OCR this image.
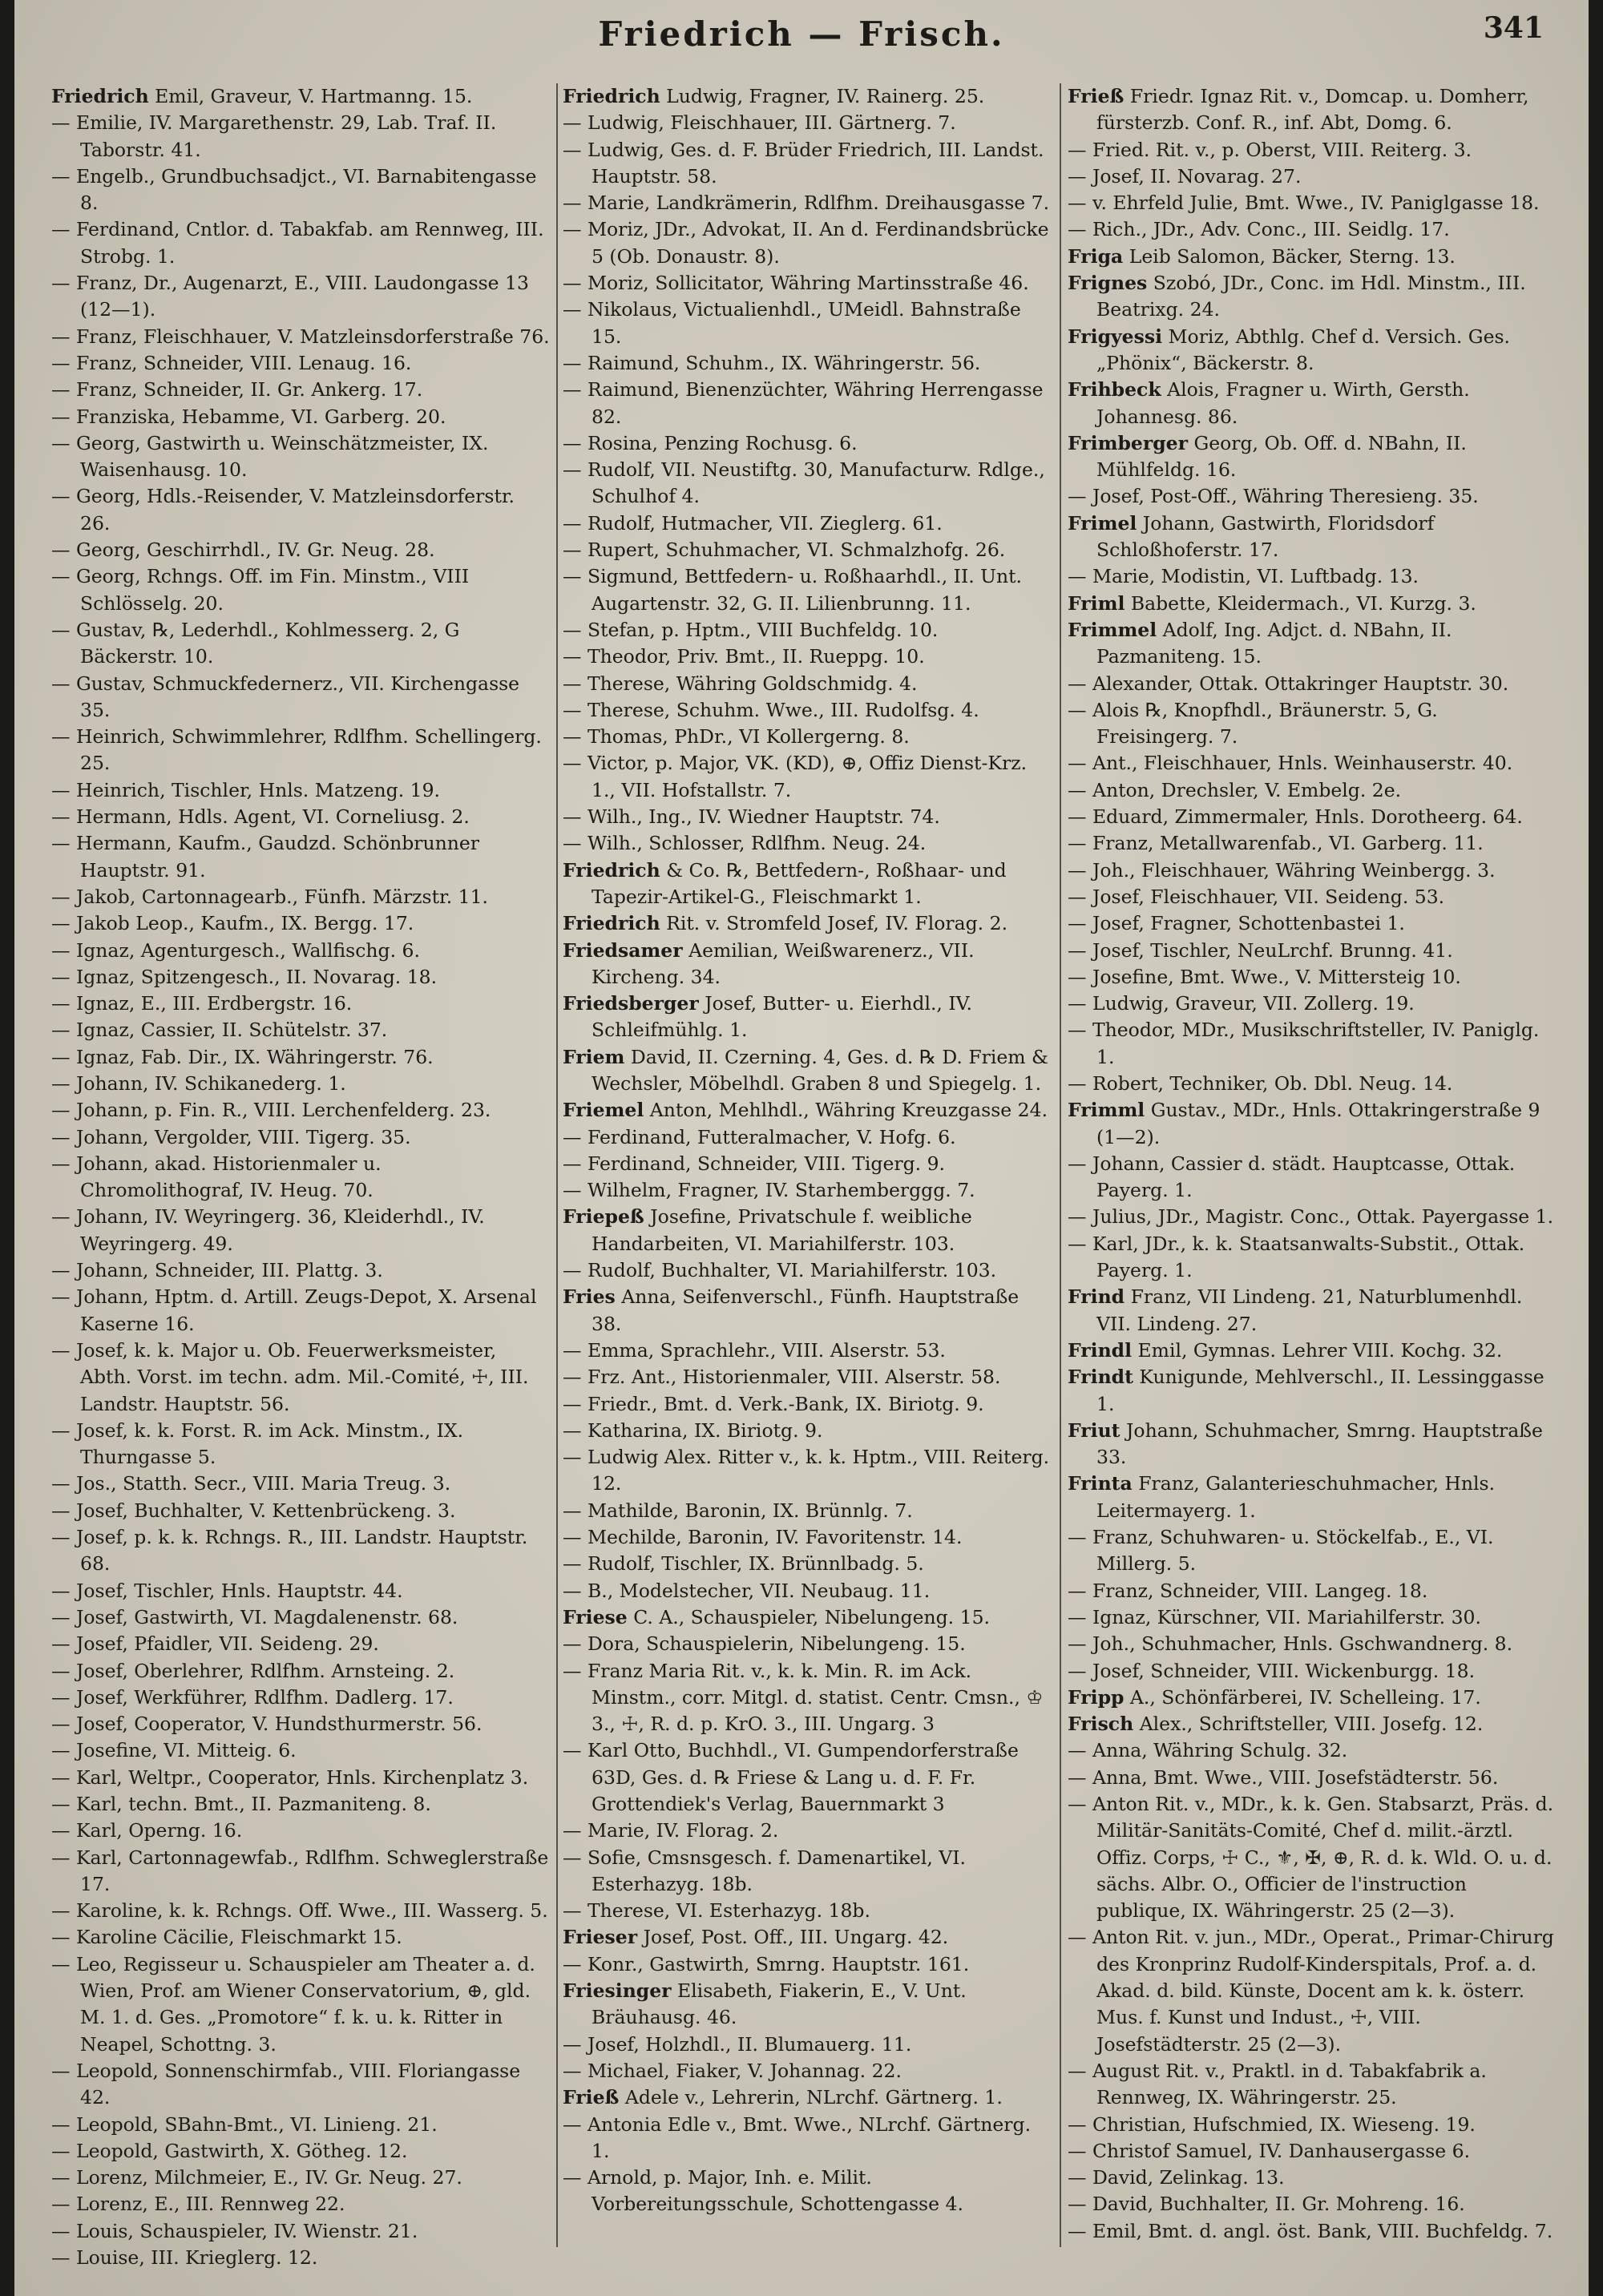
Friedrich — Frisch.	341

Friedrich Emil, Graveur, V. Hartmanng. 15.

— Emilie, IV. Margarethenstr. 29, Lab. Traf. II. Taborstr. 41.

— Engelb., Grundbuchsadjct., VI. Barnabitengasse 8.

— Ferdinand, Cntlor. d. Tabakfab. am Rennweg, III. Strobg. 1.

— Franz, Dr., Augenarzt, E., VIII. Laudongasse 13 (12—1).

— Franz, Fleischhauer, V. Matzleinsdorferstraße 76.

— Franz, Schneider, VIII. Lenaug. 16.

— Franz, Schneider, II. Gr. Ankerg. 17.

— Franziska, Hebamme, VI. Garberg. 20.

— Georg, Gastwirth u. Weinschätzmeister, IX. Waisenhausg. 10.

— Georg, Hdls.-Reisender, V. Matzleinsdorferstr. 26.

— Georg, Geschirrhdl., IV. Gr. Neug. 28.

— Georg, Rchngs. Off. im Fin. Minstm., VIII Schlösselg. 20.

— Gustav, ℞, Lederhdl., Kohlmesserg. 2, G Bäckerstr. 10.

— Gustav, Schmuckfedernerz., VII. Kirchengasse 35.

— Heinrich, Schwimmlehrer, Rdlfhm. Schellingerg. 25.

— Heinrich, Tischler, Hnls. Matzeng. 19.

— Hermann, Hdls. Agent, VI. Corneliusg. 2.

— Hermann, Kaufm., Gaudzd. Schönbrunner Hauptstr. 91.

— Jakob, Cartonnagearb., Fünfh. Märzstr. 11.

— Jakob Leop., Kaufm., IX. Bergg. 17.

— Ignaz, Agenturgesch., Wallfischg. 6.

— Ignaz, Spitzengesch., II. Novarag. 18.

— Ignaz, E., III. Erdbergstr. 16.

— Ignaz, Cassier, II. Schütelstr. 37.

— Ignaz, Fab. Dir., IX. Währingerstr. 76.

— Johann, IV. Schikanederg. 1.

— Johann, p. Fin. R., VIII. Lerchenfelderg. 23.

— Johann, Vergolder, VIII. Tigerg. 35.

— Johann, akad. Historienmaler u. Chromolithograf, IV. Heug. 70.

— Johann, IV. Weyringerg. 36, Kleiderhdl., IV. Weyringerg. 49.

— Johann, Schneider, III. Plattg. 3.

— Johann, Hptm. d. Artill. Zeugs-Depot, X. Arsenal Kaserne 16.

— Josef, k. k. Major u. Ob. Feuerwerksmeister, Abth. Vorst. im techn. adm. Mil.-Comité, ☩, III. Landstr. Hauptstr. 56.

— Josef, k. k. Forst. R. im Ack. Minstm., IX. Thurngasse 5.

— Jos., Statth. Secr., VIII. Maria Treug. 3.

— Josef, Buchhalter, V. Kettenbrückeng. 3.

— Josef, p. k. k. Rchngs. R., III. Landstr. Hauptstr. 68.

— Josef, Tischler, Hnls. Hauptstr. 44.

— Josef, Gastwirth, VI. Magdalenenstr. 68.

— Josef, Pfaidler, VII. Seideng. 29.

— Josef, Oberlehrer, Rdlfhm. Arnsteing. 2.

— Josef, Werkführer, Rdlfhm. Dadlerg. 17.

— Josef, Cooperator, V. Hundsthurmerstr. 56.

— Josefine, VI. Mitteig. 6.

— Karl, Weltpr., Cooperator, Hnls. Kirchenplatz 3.

— Karl, techn. Bmt., II. Pazmaniteng. 8.

— Karl, Operng. 16.

— Karl, Cartonnagewfab., Rdlfhm. Schweglerstraße 17.

— Karoline, k. k. Rchngs. Off. Wwe., III. Wasserg. 5.

— Karoline Cäcilie, Fleischmarkt 15.

— Leo, Regisseur u. Schauspieler am Theater a. d. Wien, Prof. am Wiener Conservatorium, ⊕, gld. M. 1. d. Ges. „Promotore“ f. k. u. k. Ritter in Neapel, Schottng. 3.

— Leopold, Sonnenschirmfab., VIII. Floriangasse 42.

— Leopold, SBahn-Bmt., VI. Linieng. 21.

— Leopold, Gastwirth, X. Götheg. 12.

— Lorenz, Milchmeier, E., IV. Gr. Neug. 27.

— Lorenz, E., III. Rennweg 22.

— Louis, Schauspieler, IV. Wienstr. 21.

— Louise, III. Krieglerg. 12.

Friedrich Ludwig, Fragner, IV. Rainerg. 25.

— Ludwig, Fleischhauer, III. Gärtnerg. 7.

— Ludwig, Ges. d. F. Brüder Friedrich, III. Landst. Hauptstr. 58.

— Marie, Landkrämerin, Rdlfhm. Dreihausgasse 7.

— Moriz, JDr., Advokat, II. An d. Ferdinandsbrücke 5 (Ob. Donaustr. 8).

— Moriz, Sollicitator, Währing Martinsstraße 46.

— Nikolaus, Victualienhdl., UMeidl. Bahnstraße 15.

— Raimund, Schuhm., IX. Währingerstr. 56.

— Raimund, Bienenzüchter, Währing Herrengasse 82.

— Rosina, Penzing Rochusg. 6.

— Rudolf, VII. Neustiftg. 30, Manufacturw. Rdlge., Schulhof 4.

— Rudolf, Hutmacher, VII. Zieglerg. 61.

— Rupert, Schuhmacher, VI. Schmalzhofg. 26.

— Sigmund, Bettfedern- u. Roßhaarhdl., II. Unt. Augartenstr. 32, G. II. Lilienbrunng. 11.

— Stefan, p. Hptm., VIII Buchfeldg. 10.

— Theodor, Priv. Bmt., II. Rueppg. 10.

— Therese, Währing Goldschmidg. 4.

— Therese, Schuhm. Wwe., III. Rudolfsg. 4.

— Thomas, PhDr., VI Kollergerng. 8.

— Victor, p. Major, VK. (KD), ⊕, Offiz Dienst-Krz. 1., VII. Hofstallstr. 7.

— Wilh., Ing., IV. Wiedner Hauptstr. 74.

— Wilh., Schlosser, Rdlfhm. Neug. 24.

Friedrich & Co. ℞, Bettfedern-, Roßhaar- und Tapezir-Artikel-G., Fleischmarkt 1.

Friedrich Rit. v. Stromfeld Josef, IV. Florag. 2.

Friedsamer Aemilian, Weißwarenerz., VII. Kircheng. 34.

Friedsberger Josef, Butter- u. Eierhdl., IV. Schleifmühlg. 1.

Friem David, II. Czerning. 4, Ges. d. ℞ D. Friem & Wechsler, Möbelhdl. Graben 8 und Spiegelg. 1.

Friemel Anton, Mehlhdl., Währing Kreuzgasse 24.

— Ferdinand, Futteralmacher, V. Hofg. 6.

— Ferdinand, Schneider, VIII. Tigerg. 9.

— Wilhelm, Fragner, IV. Starhemberggg. 7.

Friepeß Josefine, Privatschule f. weibliche Handarbeiten, VI. Mariahilferstr. 103.

— Rudolf, Buchhalter, VI. Mariahilferstr. 103.

Fries Anna, Seifenverschl., Fünfh. Hauptstraße 38.

— Emma, Sprachlehr., VIII. Alserstr. 53.

— Frz. Ant., Historienmaler, VIII. Alserstr. 58.

— Friedr., Bmt. d. Verk.-Bank, IX. Biriotg. 9.

— Katharina, IX. Biriotg. 9.

— Ludwig Alex. Ritter v., k. k. Hptm., VIII. Reiterg. 12.

— Mathilde, Baronin, IX. Brünnlg. 7.

— Mechilde, Baronin, IV. Favoritenstr. 14.

— Rudolf, Tischler, IX. Brünnlbadg. 5.

— B., Modelstecher, VII. Neubaug. 11.

Friese C. A., Schauspieler, Nibelungeng. 15.

— Dora, Schauspielerin, Nibelungeng. 15.

— Franz Maria Rit. v., k. k. Min. R. im Ack. Minstm., corr. Mitgl. d. statist. Centr. Cmsn., ♔ 3., ☩, R. d. p. KrO. 3., III. Ungarg. 3

— Karl Otto, Buchhdl., VI. Gumpendorferstraße 63D, Ges. d. ℞ Friese & Lang u. d. F. Fr. Grottendiek's Verlag, Bauernmarkt 3

— Marie, IV. Florag. 2.

— Sofie, Cmsnsgesch. f. Damenartikel, VI. Esterhazyg. 18b.

— Therese, VI. Esterhazyg. 18b.

Frieser Josef, Post. Off., III. Ungarg. 42.

— Konr., Gastwirth, Smrng. Hauptstr. 161.

Friesinger Elisabeth, Fiakerin, E., V. Unt. Bräuhausg. 46.

— Josef, Holzhdl., II. Blumauerg. 11.

— Michael, Fiaker, V. Johannag. 22.

Frieß Adele v., Lehrerin, NLrchf. Gärtnerg. 1.

— Antonia Edle v., Bmt. Wwe., NLrchf. Gärtnerg. 1.

— Arnold, p. Major, Inh. e. Milit. Vorbereitungsschule, Schottengasse 4.

Frieß Friedr. Ignaz Rit. v., Domcap. u. Domherr, fürsterzb. Conf. R., inf. Abt, Domg. 6.

— Fried. Rit. v., p. Oberst, VIII. Reiterg. 3.

— Josef, II. Novarag. 27.

— v. Ehrfeld Julie, Bmt. Wwe., IV. Paniglgasse 18.

— Rich., JDr., Adv. Conc., III. Seidlg. 17.

Friga Leib Salomon, Bäcker, Sterng. 13.

Frignes Szobó, JDr., Conc. im Hdl. Minstm., III. Beatrixg. 24.

Frigyessi Moriz, Abthlg. Chef d. Versich. Ges. „Phönix“, Bäckerstr. 8.

Frihbeck Alois, Fragner u. Wirth, Gersth. Johannesg. 86.

Frimberger Georg, Ob. Off. d. NBahn, II. Mühlfeldg. 16.

— Josef, Post-Off., Währing Theresieng. 35.

Frimel Johann, Gastwirth, Floridsdorf Schloßhoferstr. 17.

— Marie, Modistin, VI. Luftbadg. 13.

Friml Babette, Kleidermach., VI. Kurzg. 3.

Frimmel Adolf, Ing. Adjct. d. NBahn, II. Pazmaniteng. 15.

— Alexander, Ottak. Ottakringer Hauptstr. 30.

— Alois ℞, Knopfhdl., Bräunerstr. 5, G. Freisingerg. 7.

— Ant., Fleischhauer, Hnls. Weinhauserstr. 40.

— Anton, Drechsler, V. Embelg. 2e.

— Eduard, Zimmermaler, Hnls. Dorotheerg. 64.

— Franz, Metallwarenfab., VI. Garberg. 11.

— Joh., Fleischhauer, Währing Weinbergg. 3.

— Josef, Fleischhauer, VII. Seideng. 53.

— Josef, Fragner, Schottenbastei 1.

— Josef, Tischler, NeuLrchf. Brunng. 41.

— Josefine, Bmt. Wwe., V. Mittersteig 10.

— Ludwig, Graveur, VII. Zollerg. 19.

— Theodor, MDr., Musikschriftsteller, IV. Paniglg. 1.

— Robert, Techniker, Ob. Dbl. Neug. 14.

Frimml Gustav., MDr., Hnls. Ottakringerstraße 9 (1—2).

— Johann, Cassier d. städt. Hauptcasse, Ottak. Payerg. 1.

— Julius, JDr., Magistr. Conc., Ottak. Payergasse 1.

— Karl, JDr., k. k. Staatsanwalts-Substit., Ottak. Payerg. 1.

Frind Franz, VII Lindeng. 21, Naturblumenhdl. VII. Lindeng. 27.

Frindl Emil, Gymnas. Lehrer VIII. Kochg. 32.

Frindt Kunigunde, Mehlverschl., II. Lessinggasse 1.

Friut Johann, Schuhmacher, Smrng. Hauptstraße 33.

Frinta Franz, Galanterieschuhmacher, Hnls. Leitermayerg. 1.

— Franz, Schuhwaren- u. Stöckelfab., E., VI. Millerg. 5.

— Franz, Schneider, VIII. Langeg. 18.

— Ignaz, Kürschner, VII. Mariahilferstr. 30.

— Joh., Schuhmacher, Hnls. Gschwandnerg. 8.

— Josef, Schneider, VIII. Wickenburgg. 18.

Fripp A., Schönfärberei, IV. Schelleing. 17.

Frisch Alex., Schriftsteller, VIII. Josefg. 12.

— Anna, Währing Schulg. 32.

— Anna, Bmt. Wwe., VIII. Josefstädterstr. 56.

— Anton Rit. v., MDr., k. k. Gen. Stabsarzt, Präs. d. Militär-Sanitäts-Comité, Chef d. milit.-ärztl. Offiz. Corps, ☩ C., ⚜, ✠, ⊕, R. d. k. Wld. O. u. d. sächs. Albr. O., Officier de l'instruction publique, IX. Währingerstr. 25 (2—3).

— Anton Rit. v. jun., MDr., Operat., Primar-Chirurg des Kronprinz Rudolf-Kinderspitals, Prof. a. d. Akad. d. bild. Künste, Docent am k. k. österr. Mus. f. Kunst und Indust., ☩, VIII. Josefstädterstr. 25 (2—3).

— August Rit. v., Praktl. in d. Tabakfabrik a. Rennweg, IX. Währingerstr. 25.

— Christian, Hufschmied, IX. Wieseng. 19.

— Christof Samuel, IV. Danhausergasse 6.

— David, Zelinkag. 13.

— David, Buchhalter, II. Gr. Mohreng. 16.

— Emil, Bmt. d. angl. öst. Bank, VIII. Buchfeldg. 7.
